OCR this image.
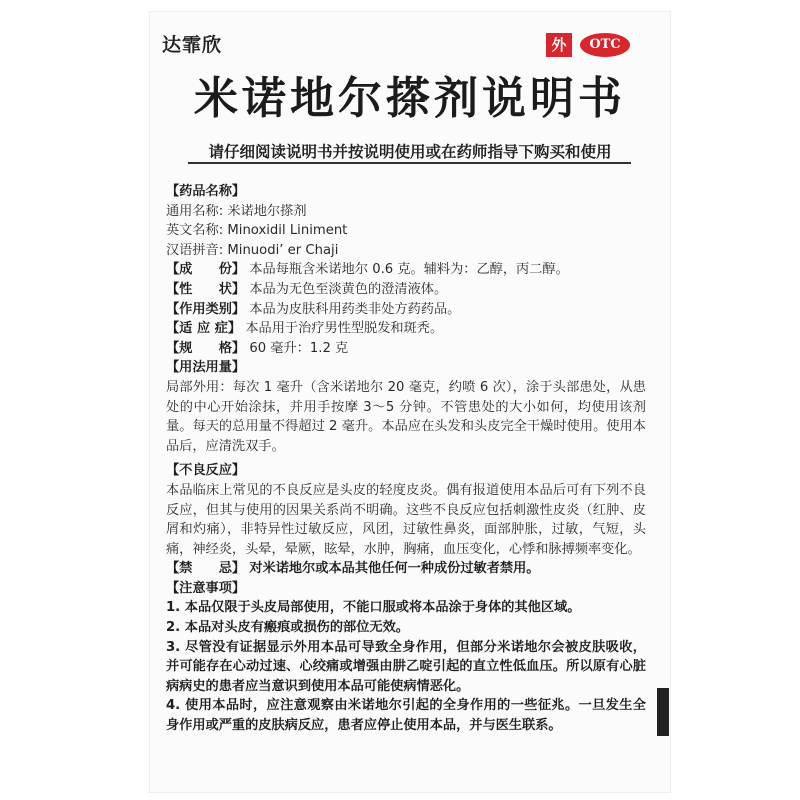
达霏欣	外	OTC
米诺地尔搽剂说明书
请仔细阅读说明书并按说明使用或在药师指导下购买和使用
【药品名称】
通用名称: 米诺地尔搽剂
英文名称: Minoxidil Liniment
汉语拼音: Minuodi’ er Chaji
【成　　份】 本品每瓶含米诺地尔 0.6 克。辅料为：乙醇，丙二醇。
【性　　状】 本品为无色至淡黄色的澄清液体。
【作用类别】 本品为皮肤科用药类非处方药药品。
【适 应 症】 本品用于治疗男性型脱发和斑秃。
【规　　格】 60 毫升：1.2 克
【用法用量】
局部外用：每次 1 毫升（含米诺地尔 20 毫克，约喷 6 次），涂于头部患处，从患处的中心开始涂抹，并用手按摩 3～5 分钟。不管患处的大小如何，均使用该剂量。每天的总用量不得超过 2 毫升。本品应在头发和头皮完全干燥时使用。使用本品后，应清洗双手。
【不良反应】
本品临床上常见的不良反应是头皮的轻度皮炎。偶有报道使用本品后可有下列不良反应，但其与使用的因果关系尚不明确。这些不良反应包括刺激性皮炎（红肿、皮屑和灼痛），非特异性过敏反应，风团，过敏性鼻炎，面部肿胀，过敏，气短，头痛，神经炎，头晕，晕厥，眩晕，水肿，胸痛，血压变化，心悸和脉搏频率变化。
【禁　　忌】 对米诺地尔或本品其他任何一种成份过敏者禁用。
【注意事项】
1. 本品仅限于头皮局部使用，不能口服或将本品涂于身体的其他区域。
2. 本品对头皮有瘢痕或损伤的部位无效。
3. 尽管没有证据显示外用本品可导致全身作用，但部分米诺地尔会被皮肤吸收，并可能存在心动过速、心绞痛或增强由肼乙啶引起的直立性低血压。所以原有心脏病病史的患者应当意识到使用本品可能使病情恶化。
4. 使用本品时，应注意观察由米诺地尔引起的全身作用的一些征兆。一旦发生全身作用或严重的皮肤病反应，患者应停止使用本品，并与医生联系。
